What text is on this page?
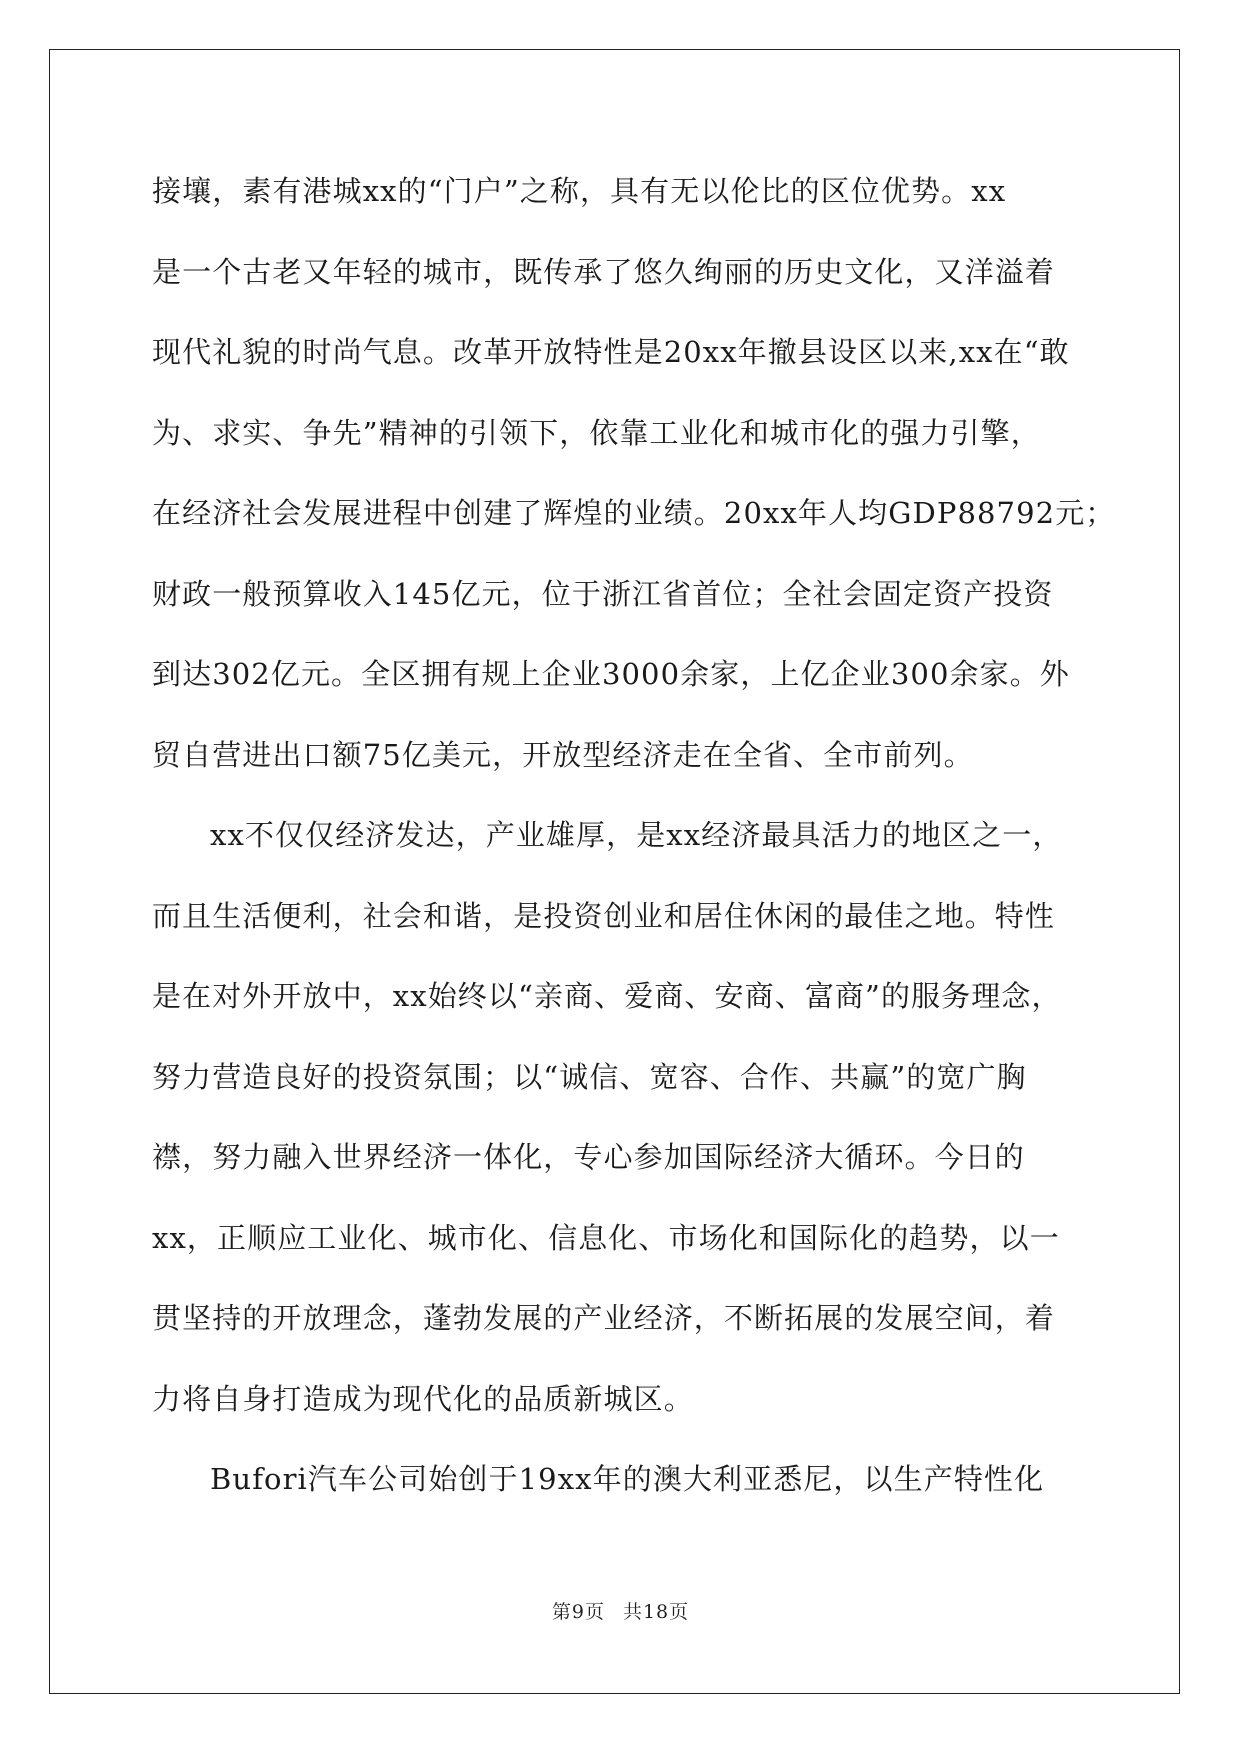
接壤，素有港城xx的“门户”之称，具有无以伦比的区位优势。xx
是一个古老又年轻的城市，既传承了悠久绚丽的历史文化，又洋溢着
现代礼貌的时尚气息。改革开放特性是20xx年撤县设区以来,xx在“敢
为、求实、争先”精神的引领下，依靠工业化和城市化的强力引擎，
在经济社会发展进程中创建了辉煌的业绩。20xx年人均GDP88792元；
财政一般预算收入145亿元，位于浙江省首位；全社会固定资产投资
到达302亿元。全区拥有规上企业3000余家，上亿企业300余家。外
贸自营进出口额75亿美元，开放型经济走在全省、全市前列。
xx不仅仅经济发达，产业雄厚，是xx经济最具活力的地区之一，
而且生活便利，社会和谐，是投资创业和居住休闲的最佳之地。特性
是在对外开放中，xx始终以“亲商、爱商、安商、富商”的服务理念，
努力营造良好的投资氛围；以“诚信、宽容、合作、共赢”的宽广胸
襟，努力融入世界经济一体化，专心参加国际经济大循环。今日的
xx，正顺应工业化、城市化、信息化、市场化和国际化的趋势，以一
贯坚持的开放理念，蓬勃发展的产业经济，不断拓展的发展空间，着
力将自身打造成为现代化的品质新城区。
Bufori汽车公司始创于19xx年的澳大利亚悉尼，以生产特性化
第9页 共18页
